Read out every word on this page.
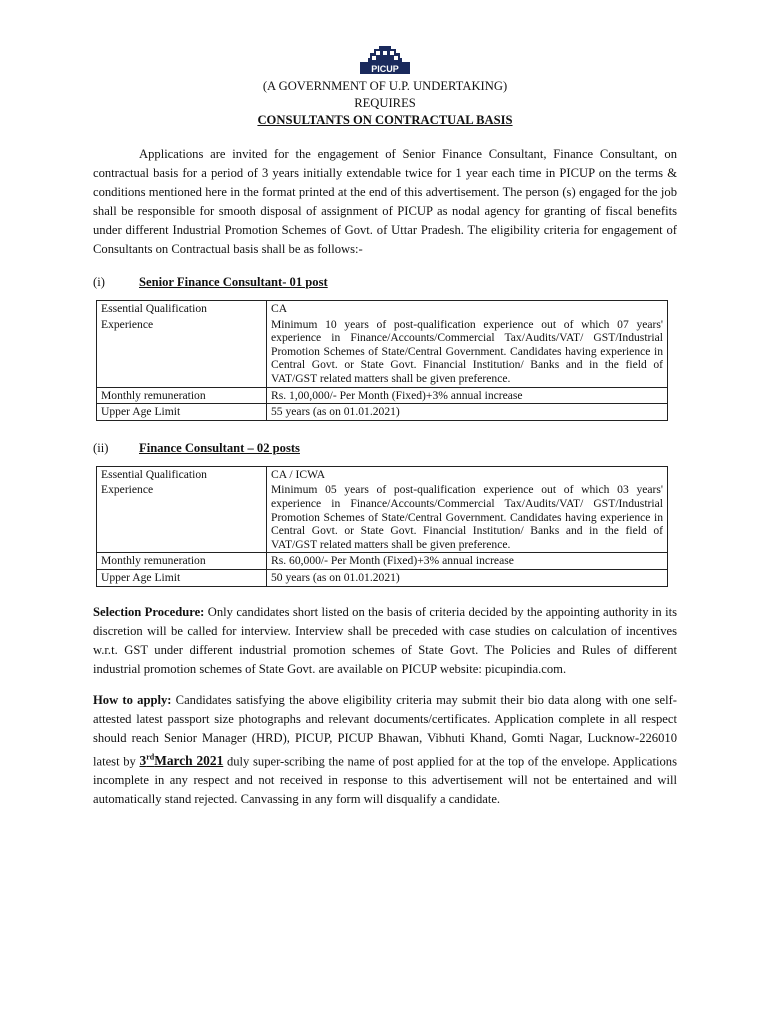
PICUP
(A GOVERNMENT OF U.P. UNDERTAKING)
REQUIRES
CONSULTANTS ON CONTRACTUAL BASIS

Applications are invited for the engagement of Senior Finance Consultant, Finance Consultant, on contractual basis for a period of 3 years initially extendable twice for 1 year each time in PICUP on the terms & conditions mentioned here in the format printed at the end of this advertisement. The person (s) engaged for the job shall be responsible for smooth disposal of assignment of PICUP as nodal agency for granting of fiscal benefits under different Industrial Promotion Schemes of Govt. of Uttar Pradesh. The eligibility criteria for engagement of Consultants on Contractual basis shall be as follows:-

(i)	Senior Finance Consultant- 01 post
Essential Qualification	CA
Experience	Minimum 10 years of post-qualification experience out of which 07 years' experience in Finance/Accounts/Commercial Tax/Audits/VAT/ GST/Industrial Promotion Schemes of State/Central Government. Candidates having experience in Central Govt. or State Govt. Financial Institution/ Banks and in the field of VAT/GST related matters shall be given preference.
Monthly remuneration	Rs. 1,00,000/- Per Month (Fixed)+3% annual increase
Upper Age Limit	55 years (as on 01.01.2021)
(ii)	Finance Consultant – 02 posts
Essential Qualification	CA / ICWA
Experience	Minimum 05 years of post-qualification experience out of which 03 years' experience in Finance/Accounts/Commercial Tax/Audits/VAT/ GST/Industrial Promotion Schemes of State/Central Government. Candidates having experience in Central Govt. or State Govt. Financial Institution/ Banks and in the field of VAT/GST related matters shall be given preference.
Monthly remuneration	Rs. 60,000/- Per Month (Fixed)+3% annual increase
Upper Age Limit	50 years (as on 01.01.2021)

Selection Procedure: Only candidates short listed on the basis of criteria decided by the appointing authority in its discretion will be called for interview. Interview shall be preceded with case studies on calculation of incentives w.r.t. GST under different industrial promotion schemes of State Govt. The Policies and Rules of different industrial promotion schemes of State Govt. are available on PICUP website: picupindia.com.

How to apply: Candidates satisfying the above eligibility criteria may submit their bio data along with one self-attested latest passport size photographs and relevant documents/certificates. Application complete in all respect should reach Senior Manager (HRD), PICUP, PICUP Bhawan, Vibhuti Khand, Gomti Nagar, Lucknow-226010 latest by 3rdMarch 2021 duly super-scribing the name of post applied for at the top of the envelope. Applications incomplete in any respect and not received in response to this advertisement will not be entertained and will automatically stand rejected. Canvassing in any form will disqualify a candidate.
